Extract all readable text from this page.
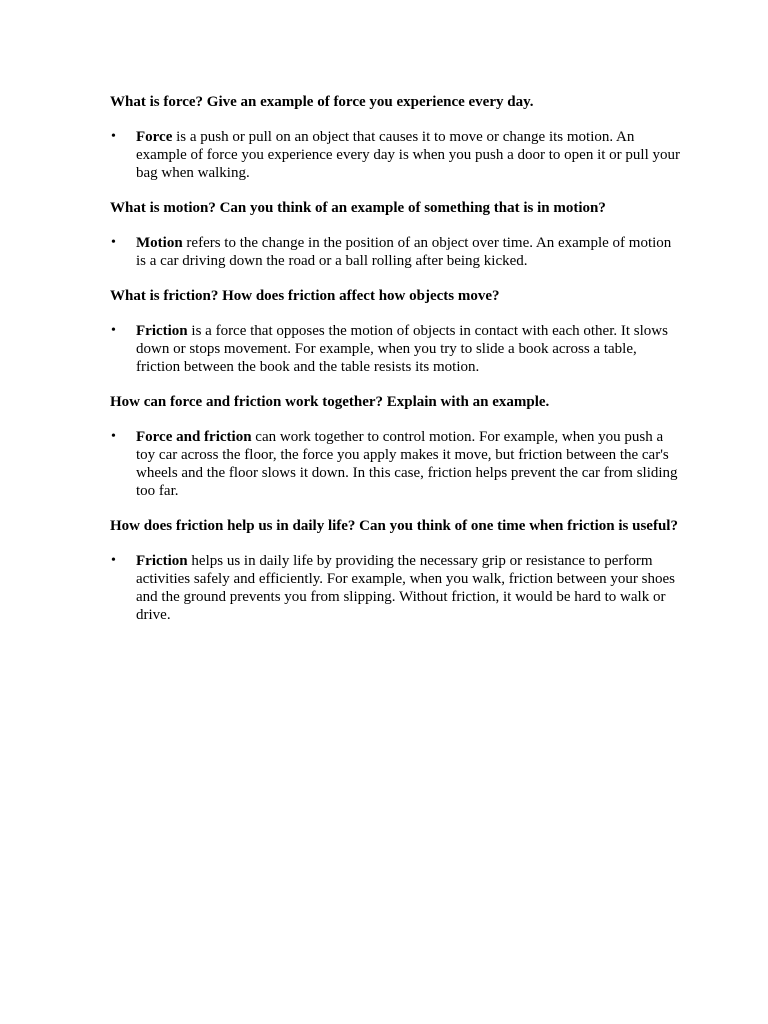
What is force? Give an example of force you experience every day.

• Force is a push or pull on an object that causes it to move or change its motion. An example of force you experience every day is when you push a door to open it or pull your bag when walking.

What is motion? Can you think of an example of something that is in motion?

• Motion refers to the change in the position of an object over time. An example of motion is a car driving down the road or a ball rolling after being kicked.

What is friction? How does friction affect how objects move?

• Friction is a force that opposes the motion of objects in contact with each other. It slows down or stops movement. For example, when you try to slide a book across a table, friction between the book and the table resists its motion.

How can force and friction work together? Explain with an example.

• Force and friction can work together to control motion. For example, when you push a toy car across the floor, the force you apply makes it move, but friction between the car's wheels and the floor slows it down. In this case, friction helps prevent the car from sliding too far.

How does friction help us in daily life? Can you think of one time when friction is useful?

• Friction helps us in daily life by providing the necessary grip or resistance to perform activities safely and efficiently. For example, when you walk, friction between your shoes and the ground prevents you from slipping. Without friction, it would be hard to walk or drive.
